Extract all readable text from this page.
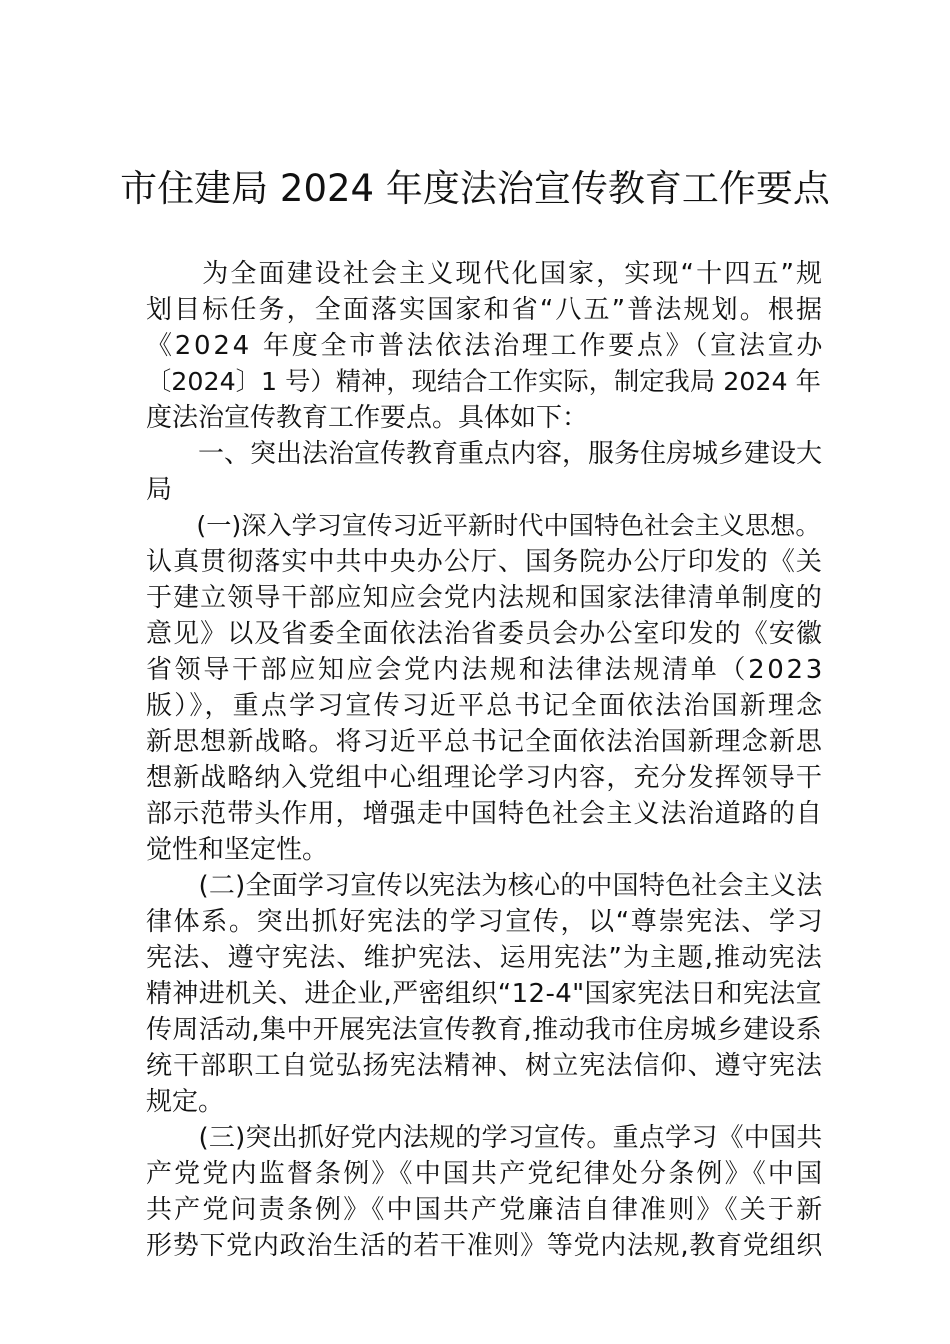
市住建局 2024 年度法治宣传教育工作要点

　　为全面建设社会主义现代化国家，实现“十四五”规

划目标任务，全面落实国家和省“八五”普法规划。根据

《2024 年度全市普法依法治理工作要点》（宣法宣办

〔2024〕1 号）精神，现结合工作实际，制定我局 2024 年

度法治宣传教育工作要点。具体如下：

　　一、突出法治宣传教育重点内容，服务住房城乡建设大

局

　　(一)深入学习宣传习近平新时代中国特色社会主义思想。

认真贯彻落实中共中央办公厅、国务院办公厅印发的《关

于建立领导干部应知应会党内法规和国家法律清单制度的

意见》以及省委全面依法治省委员会办公室印发的《安徽

省领导干部应知应会党内法规和法律法规清单（2023

版）》，重点学习宣传习近平总书记全面依法治国新理念

新思想新战略。将习近平总书记全面依法治国新理念新思

想新战略纳入党组中心组理论学习内容，充分发挥领导干

部示范带头作用，增强走中国特色社会主义法治道路的自

觉性和坚定性。

　　(二)全面学习宣传以宪法为核心的中国特色社会主义法

律体系。突出抓好宪法的学习宣传，以“尊崇宪法、学习

宪法、遵守宪法、维护宪法、运用宪法”为主题,推动宪法

精神进机关、进企业,严密组织“12-4"国家宪法日和宪法宣

传周活动,集中开展宪法宣传教育,推动我市住房城乡建设系

统干部职工自觉弘扬宪法精神、树立宪法信仰、遵守宪法

规定。

　　(三)突出抓好党内法规的学习宣传。重点学习《中国共

产党党内监督条例》《中国共产党纪律处分条例》《中国

共产党问责条例》《中国共产党廉洁自律准则》《关于新

形势下党内政治生活的若干准则》等党内法规,教育党组织
